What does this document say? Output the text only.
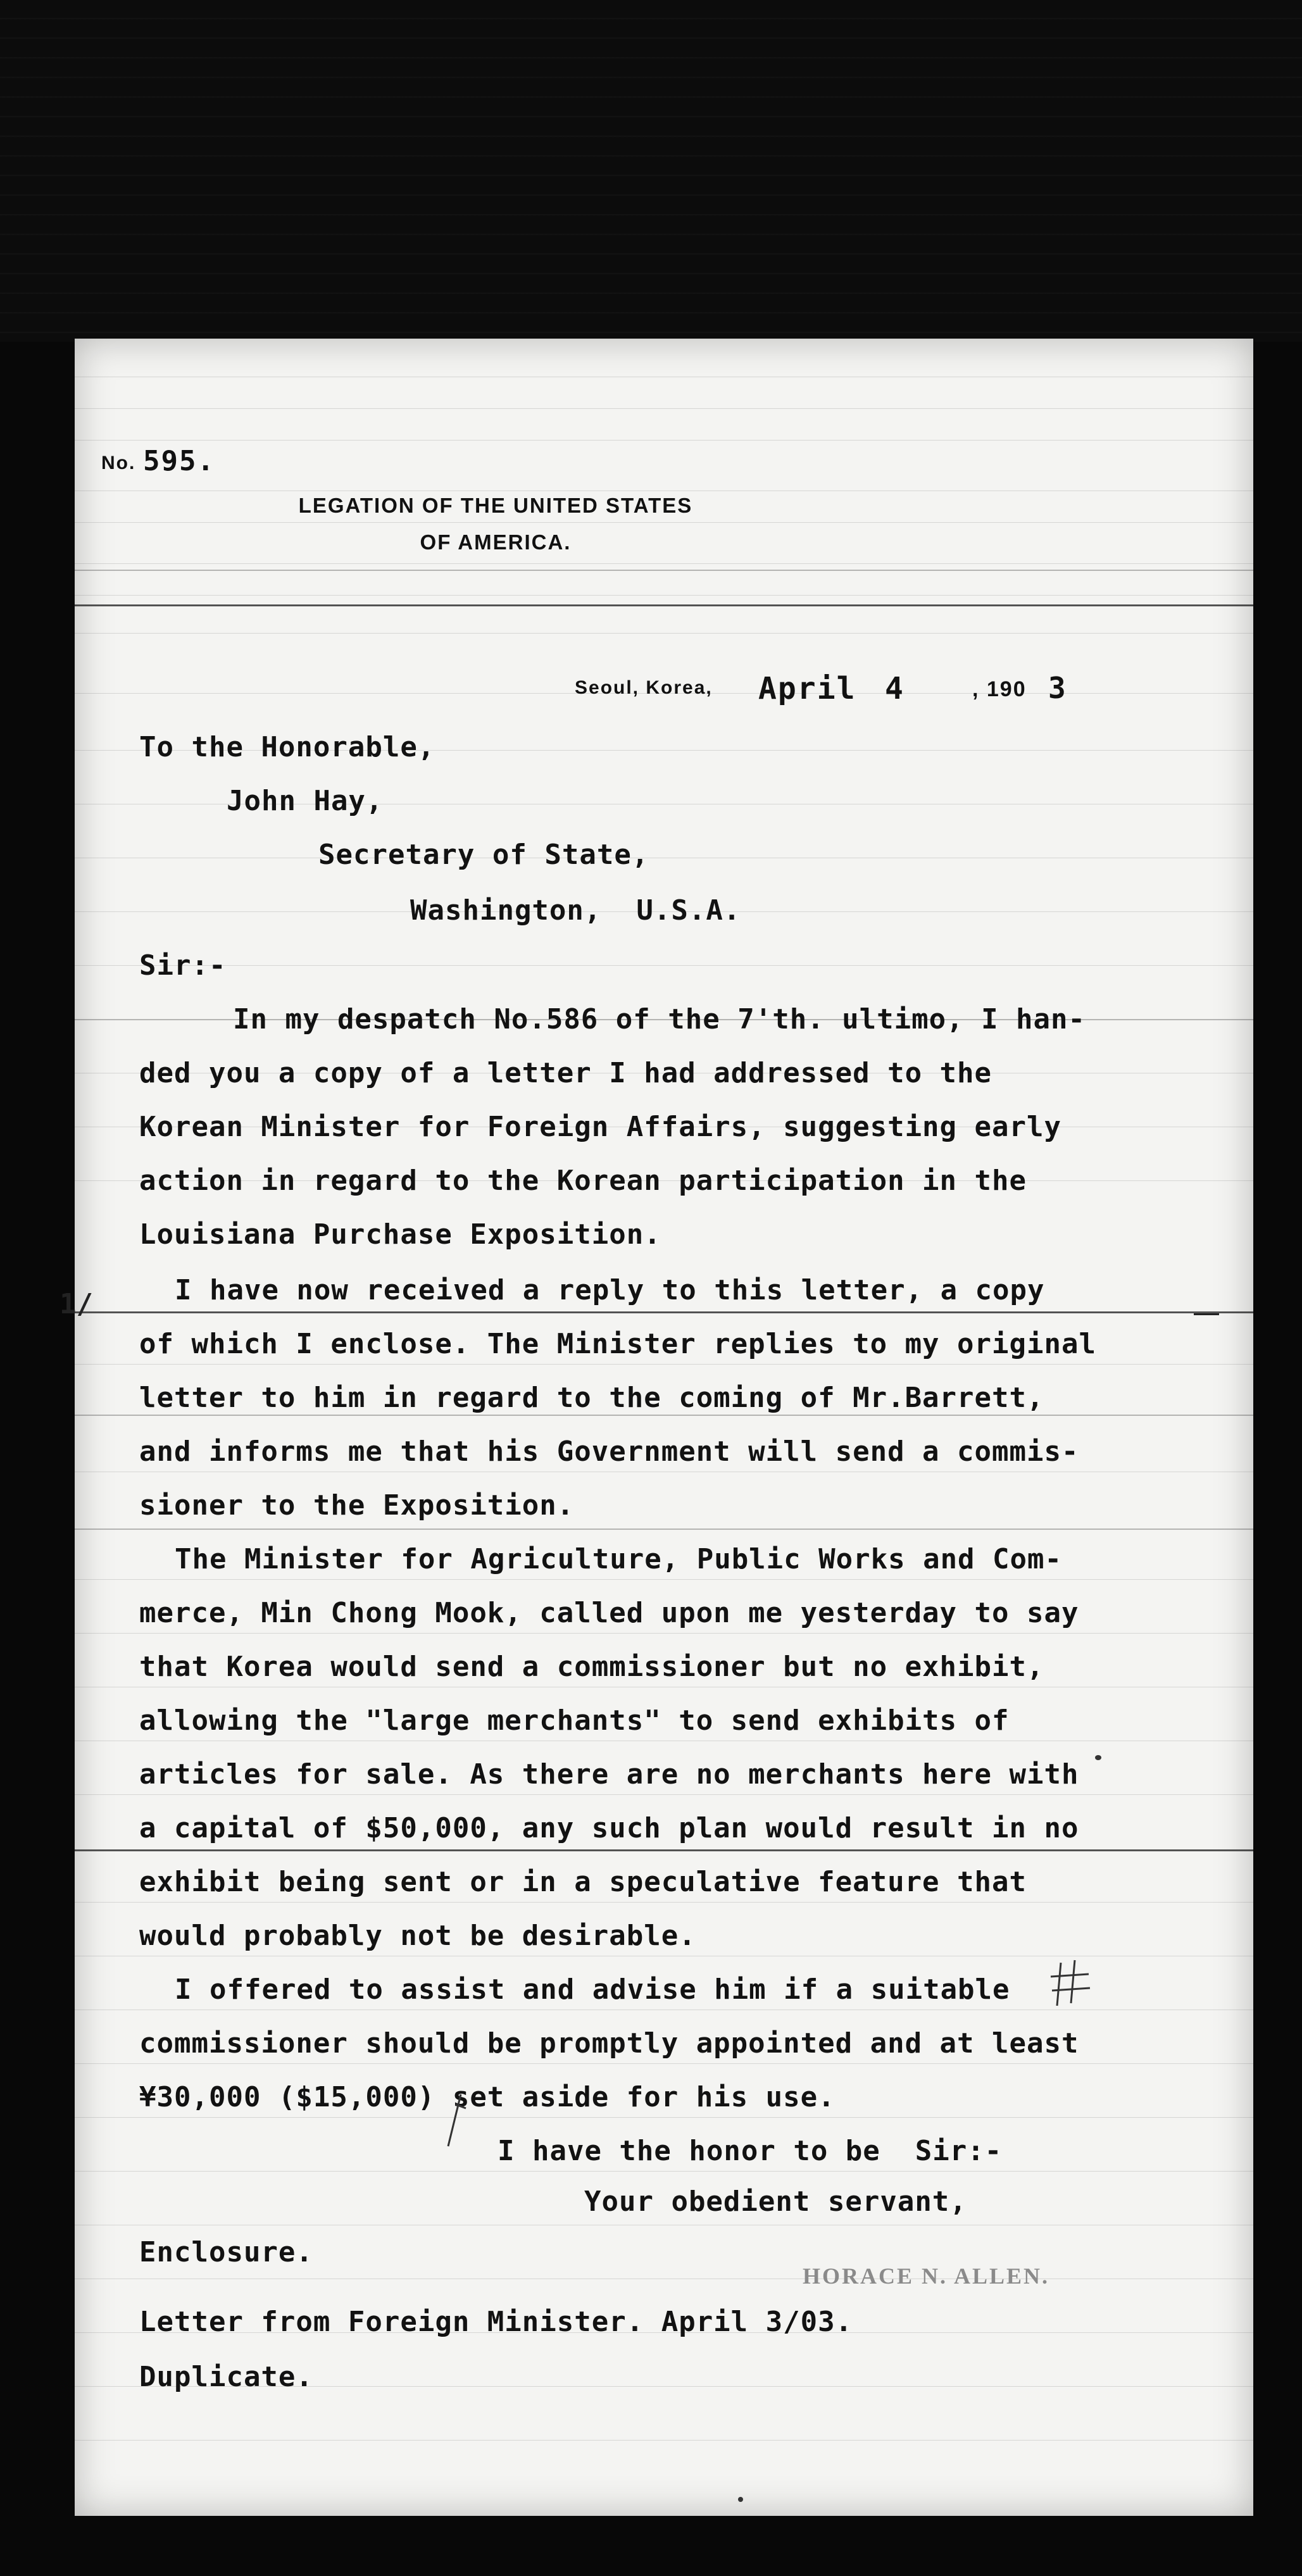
No. 595.
LEGATION OF THE UNITED STATES
OF AMERICA.
Seoul, Korea, April 4	, 190 3
To the Honorable,
John Hay,
Secretary of State,
Washington,  U.S.A.
Sir:-
In my despatch No.586 of the 7'th. ultimo, I han-
ded you a copy of a letter I had addressed to the
Korean Minister for Foreign Affairs, suggesting early
action in regard to the Korean participation in the
Louisiana Purchase Exposition.
1/	I have now received a reply to this letter, a copy
of which I enclose. The Minister replies to my original
letter to him in regard to the coming of Mr.Barrett,
and informs me that his Government will send a commis-
sioner to the Exposition.
The Minister for Agriculture, Public Works and Com-
merce, Min Chong Mook, called upon me yesterday to say
that Korea would send a commissioner but no exhibit,
allowing the "large merchants" to send exhibits of
articles for sale. As there are no merchants here with
a capital of $50,000, any such plan would result in no
exhibit being sent or in a speculative feature that
would probably not be desirable.
I offered to assist and advise him if a suitable
commissioner should be promptly appointed and at least
¥30,000 ($15,000) set aside for his use.
I have the honor to be  Sir:-
Your obedient servant,
HORACE N. ALLEN.
Enclosure.
Letter from Foreign Minister. April 3/03.
Duplicate.
